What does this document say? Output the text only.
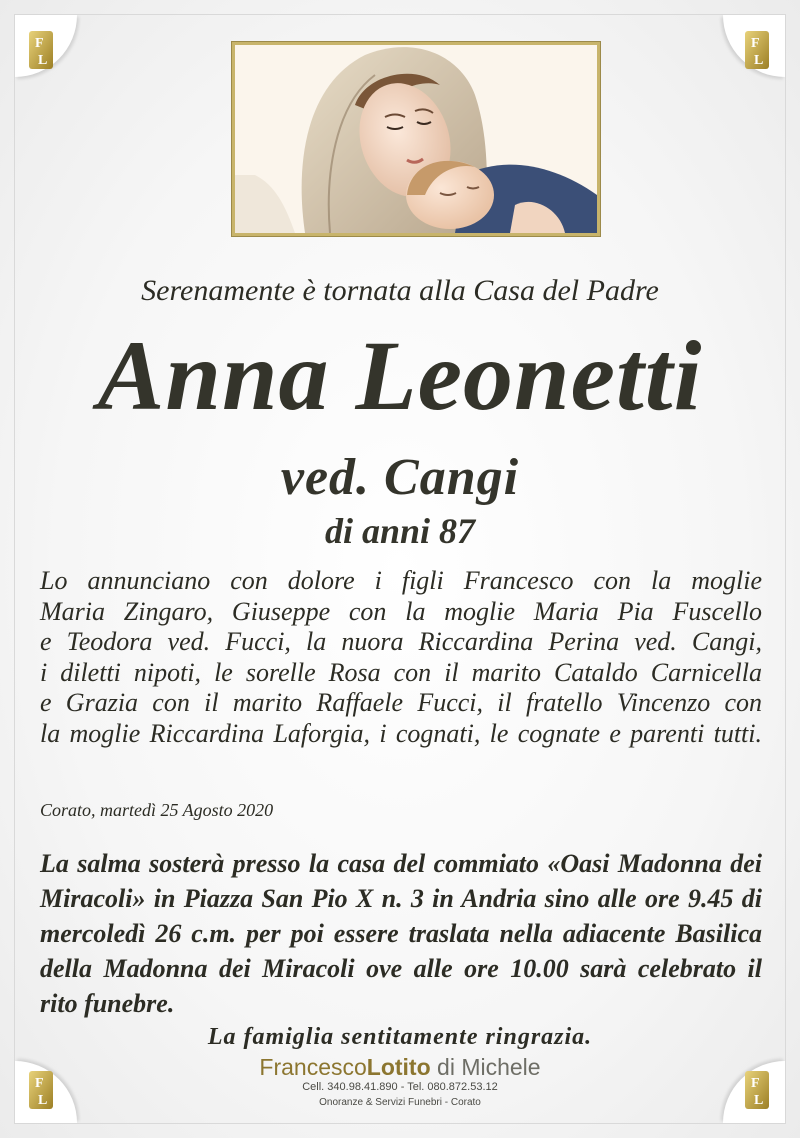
F
L
F
L
F
L
F
L
Serenamente è tornata alla Casa del Padre
Anna Leonetti
ved. Cangi
di anni 87
Lo annunciano con dolore i figli Francesco con la moglie
Maria Zingaro, Giuseppe con la moglie Maria Pia Fuscello
e Teodora ved. Fucci, la nuora Riccardina Perina ved. Cangi,
i diletti nipoti, le sorelle Rosa con il marito Cataldo Carnicella
e Grazia con il marito Raffaele Fucci, il fratello Vincenzo con
la moglie Riccardina Laforgia, i cognati, le cognate e parenti tutti.
Corato, martedì 25 Agosto 2020
La salma sosterà presso la casa del commiato «Oasi Madonna dei
Miracoli» in Piazza San Pio X n. 3 in Andria sino alle ore 9.45 di
mercoledì 26 c.m. per poi essere traslata nella adiacente Basilica
della Madonna dei Miracoli ove alle ore 10.00 sarà celebrato il
rito funebre.
La famiglia sentitamente ringrazia.
FrancescoLotito di Michele
Cell. 340.98.41.890 - Tel. 080.872.53.12
Onoranze & Servizi Funebri - Corato
